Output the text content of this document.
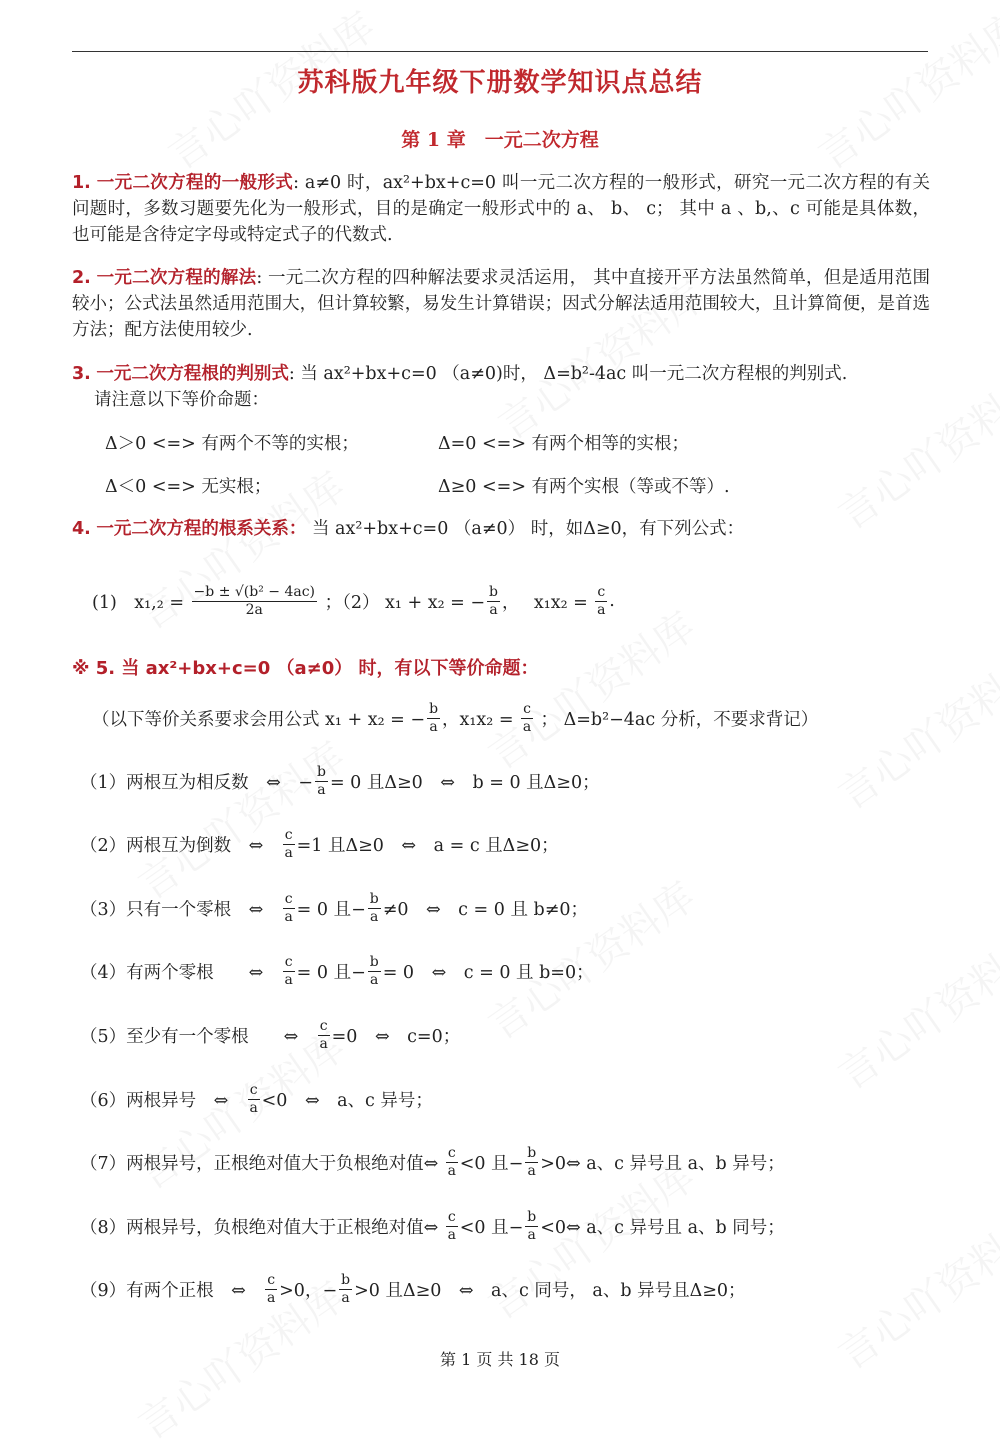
苏科版九年级下册数学知识点总结
第 1 章　一元二次方程
1. 一元二次方程的一般形式: a≠0 时，ax²+bx+c=0 叫一元二次方程的一般形式，研究一元二次方程的有关问题时，多数习题要先化为一般形式，目的是确定一般形式中的 a、 b、 c； 其中 a 、b,、c 可能是具体数，也可能是含待定字母或特定式子的代数式.
2. 一元二次方程的解法: 一元二次方程的四种解法要求灵活运用， 其中直接开平方法虽然简单，但是适用范围较小；公式法虽然适用范围大，但计算较繁，易发生计算错误；因式分解法适用范围较大，且计算简便，是首选方法；配方法使用较少.
3. 一元二次方程根的判别式: 当 ax²+bx+c=0 （a≠0)时， Δ=b²-4ac 叫一元二次方程根的判别式.
请注意以下等价命题：
Δ＞0 <=> 有两个不等的实根；	Δ=0 <=> 有两个相等的实根；
Δ＜0 <=> 无实根；	Δ≥0 <=> 有两个实根（等或不等）.
4. 一元二次方程的根系关系： 当 ax²+bx+c=0 （a≠0） 时，如Δ≥0，有下列公式：
(1)　$x_1,_2 = \frac{\text{−b ± √(b² − 4ac)}}{2a}$ ；（2） x₁ + x₂ = − $\frac{b}{a}$ ，　 $x_1x_2 = \frac{c}{a}$ .
※ 5. 当 ax²+bx+c=0 （a≠0） 时，有以下等价命题：
（以下等价关系要求会用公式 x₁ + x₂ = − $\frac{b}{a}$ ，$x_1x_2 = \frac{c}{a}$ ； Δ=b²−4ac 分析，不要求背记）
（1）两根互为相反数　⇔　− $\frac{b}{a} = 0$ 且Δ≥0　⇔　b = 0 且Δ≥0；
（2）两根互为倒数　⇔　 $\frac{c}{a} =1$ 且Δ≥0　⇔　a = c 且Δ≥0；
（3）只有一个零根　⇔　 $\frac{c}{a} = 0$ 且− $\frac{b}{a} \ne 0$　⇔　c = 0 且 b≠0；
（4）有两个零根　　⇔　 $\frac{c}{a} = 0$ 且− $\frac{b}{a} = 0$　⇔　c = 0 且 b=0；
（5）至少有一个零根　　⇔　 $\frac{c}{a} =0$　⇔　c=0；
（6）两根异号　⇔　 $\frac{c}{a} <0$　⇔　a、c 异号；
（7）两根异号，正根绝对值大于负根绝对值⇔ $\frac{c}{a} <0$ 且− $\frac{b}{a}$ >0⇔ a、c 异号且 a、b 异号；
（8）两根异号，负根绝对值大于正根绝对值⇔ $\frac{c}{a} <0$ 且− $\frac{b}{a}$ <0⇔ a、c 异号且 a、b 同号；
（9）有两个正根　⇔　 $\frac{c}{a} >0$，− $\frac{b}{a} >0$ 且Δ≥0　⇔　a、c 同号， a、b 异号且Δ≥0；
第 1 页 共 18 页
